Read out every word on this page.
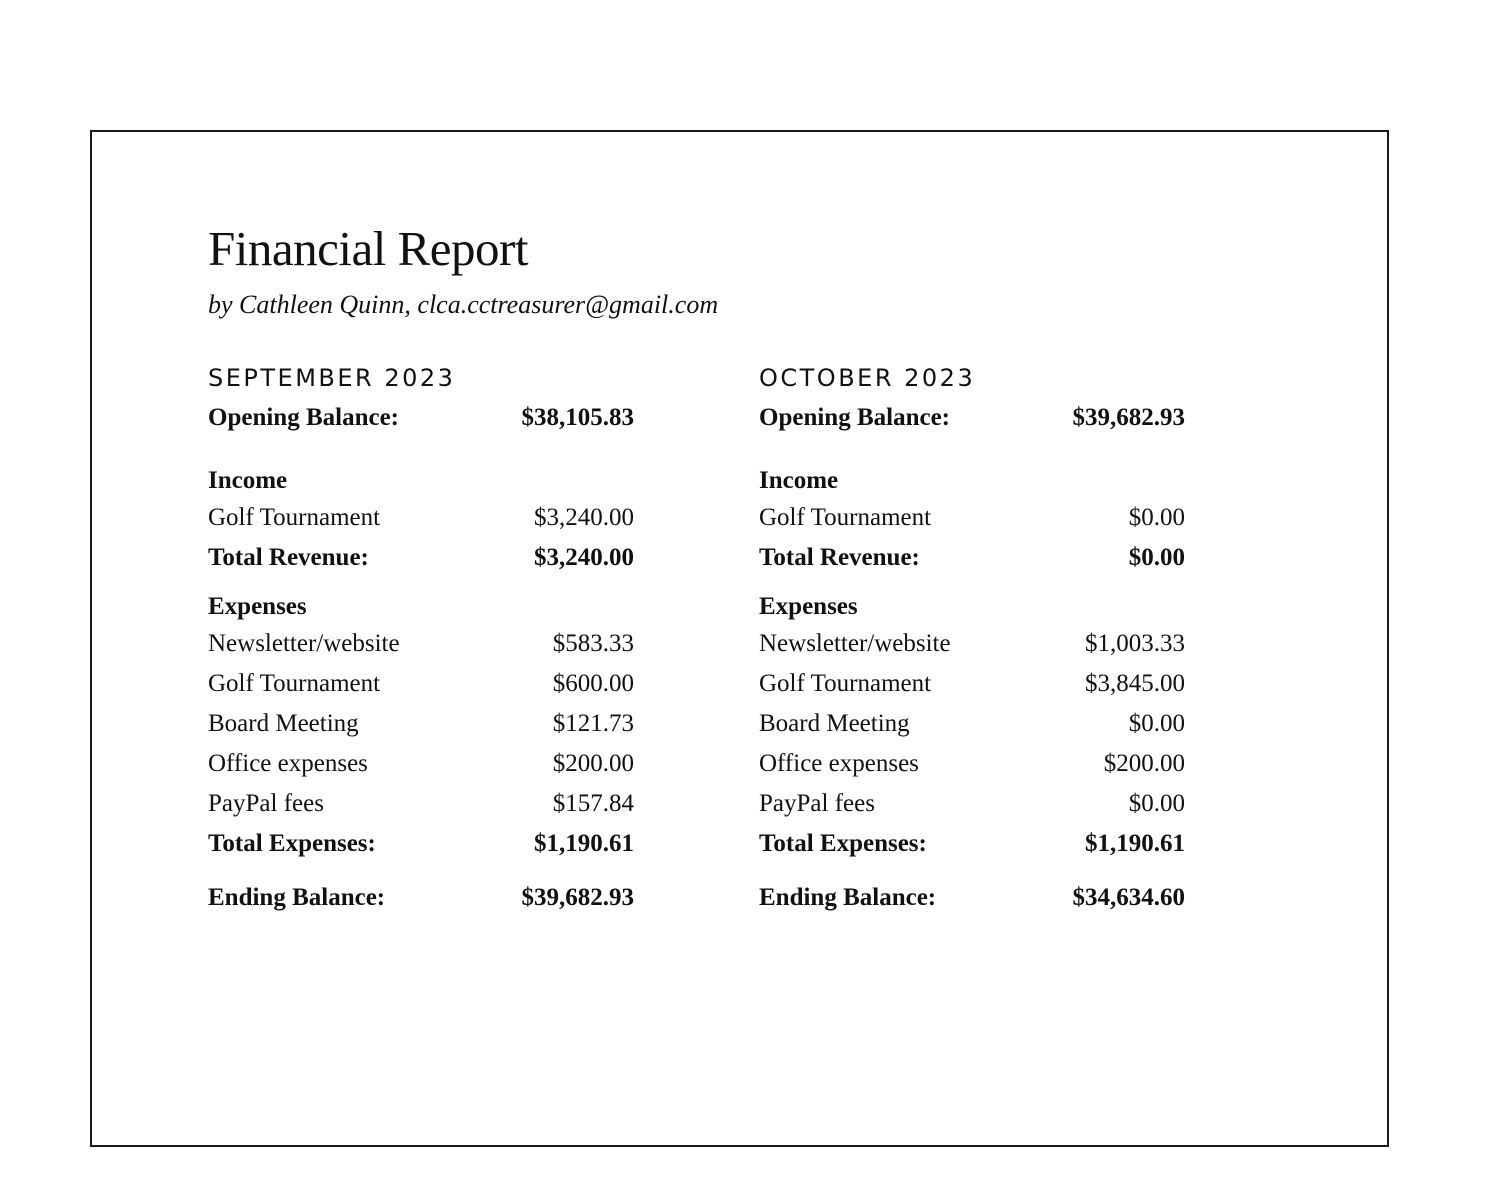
Financial Report
by Cathleen Quinn, clca.cctreasurer@gmail.com
SEPTEMBER 2023
Opening Balance:	$38,105.83
Income
Golf Tournament	$3,240.00
Total Revenue:	$3,240.00
Expenses
Newsletter/website	$583.33
Golf Tournament	$600.00
Board Meeting	$121.73
Office expenses	$200.00
PayPal fees	$157.84
Total Expenses:	$1,190.61
Ending Balance:	$39,682.93
OCTOBER 2023
Opening Balance:	$39,682.93
Income
Golf Tournament	$0.00
Total Revenue:	$0.00
Expenses
Newsletter/website	$1,003.33
Golf Tournament	$3,845.00
Board Meeting	$0.00
Office expenses	$200.00
PayPal fees	$0.00
Total Expenses:	$1,190.61
Ending Balance:	$34,634.60
